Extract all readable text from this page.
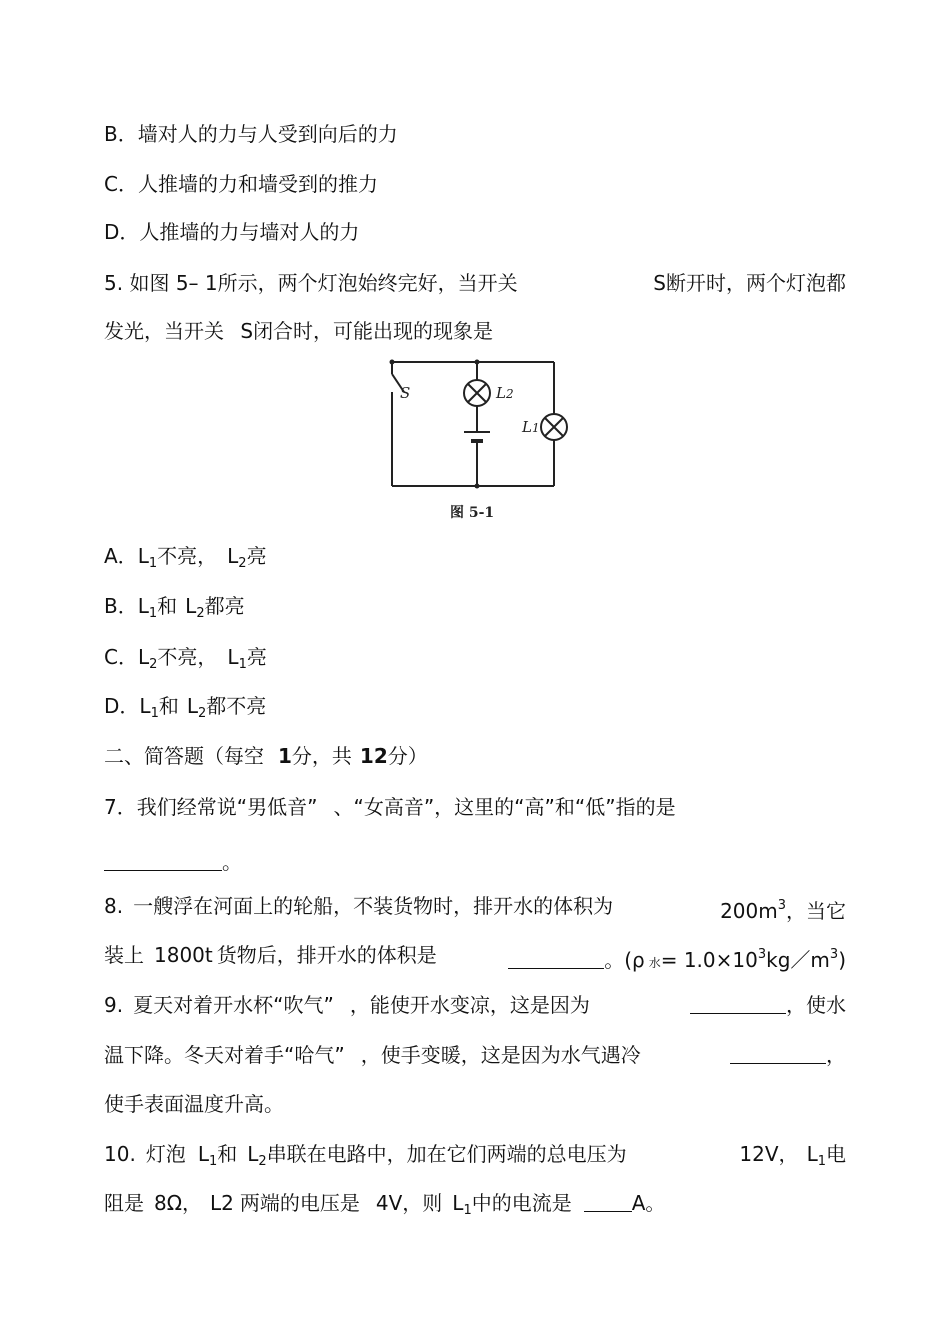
B．墙对人的力与人受到向后的力
C．人推墙的力和墙受到的推力
D．人推墙的力与墙对人的力
5. 如图 5– 1所示，两个灯泡始终完好，当开关	S断开时，两个灯泡都
发光，当开关 S闭合时，可能出现的现象是
S	L2
L1
图 5-1
A．$L_1$不亮， $L_2$亮
B．$L_1$和 $L_2$都亮
C．$L_2$不亮， $L_1$亮
D．$L_1$和 $L_2$都不亮
二、简答题（每空 1分，共 12分）
7．我们经常说“男低音” 、“女高音”，这里的“高”和“低”指的是
。
8. 一艘浮在河面上的轮船，不装货物时，排开水的体积为	$200m^3$，当它
装上 1800t 货物后，排开水的体积是	。(ρ 水= $1.0\times 10^3kg/m^3$)
9. 夏天对着开水杯“吹气” ，能使开水变凉，这是因为	，使水
温下降。冬天对着手“哈气” ，使手变暖，这是因为水气遇冷	，
使手表面温度升高。
10. 灯泡 $L_1$和 $L_2$串联在电路中，加在它们两端的总电压为	12V， $L_1$电
阻是 8Ω， L2 两端的电压是 4V，则 $L_1$中的电流是	A。
